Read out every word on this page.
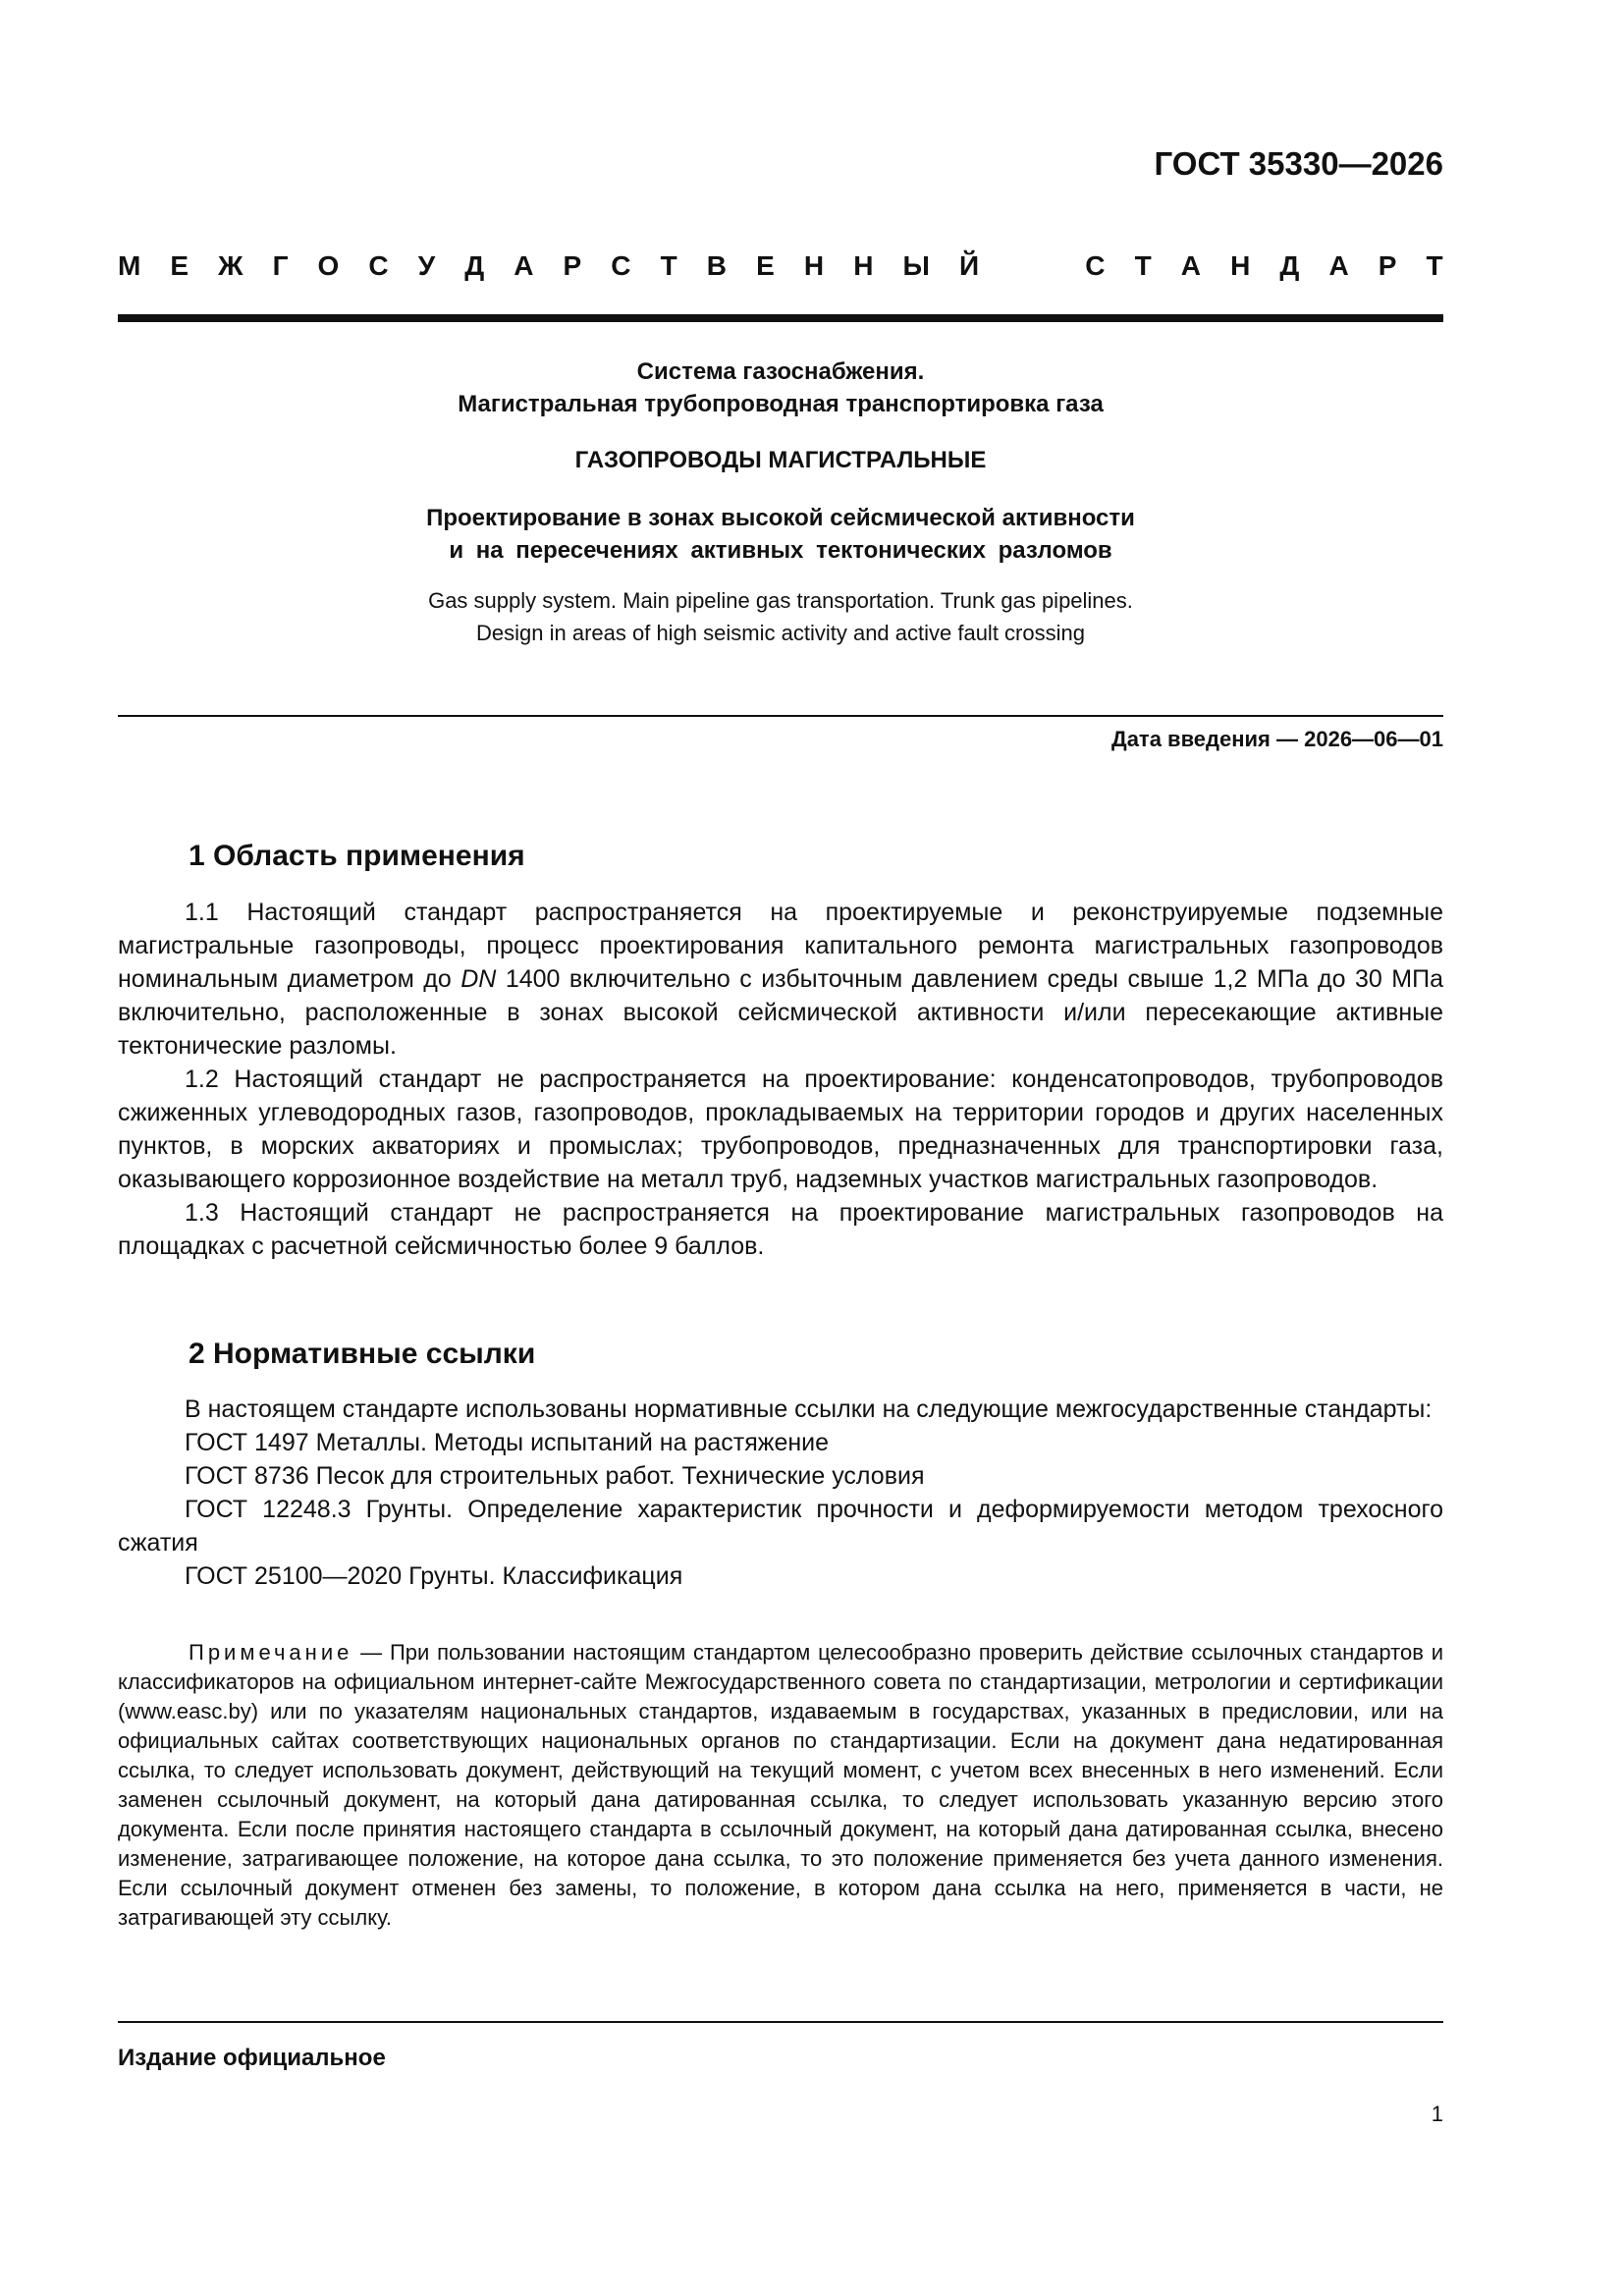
ГОСТ 35330—2026
М Е Ж Г О С У Д А Р С Т В Е Н Н Ы Й	С Т А Н Д А Р Т
Система газоснабжения.
Магистральная трубопроводная транспортировка газа
ГАЗОПРОВОДЫ МАГИСТРАЛЬНЫЕ
Проектирование в зонах высокой сейсмической активности
и на пересечениях активных тектонических разломов
Gas supply system. Main pipeline gas transportation. Trunk gas pipelines.
Design in areas of high seismic activity and active fault crossing
Дата введения — 2026—06—01
1 Область применения

1.1 Настоящий стандарт распространяется на проектируемые и реконструируемые подземные магистральные газопроводы, процесс проектирования капитального ремонта магистральных газопроводов номинальным диаметром до DN 1400 включительно с избыточным давлением среды свыше 1,2 МПа до 30 МПа включительно, расположенные в зонах высокой сейсмической активности и/или пересекающие активные тектонические разломы.

1.2 Настоящий стандарт не распространяется на проектирование: конденсатопроводов, трубопроводов сжиженных углеводородных газов, газопроводов, прокладываемых на территории городов и других населенных пунктов, в морских акваториях и промыслах; трубопроводов, предназначенных для транспортировки газа, оказывающего коррозионное воздействие на металл труб, надземных участков магистральных газопроводов.

1.3 Настоящий стандарт не распространяется на проектирование магистральных газопроводов на площадках с расчетной сейсмичностью более 9 баллов.

2 Нормативные ссылки

В настоящем стандарте использованы нормативные ссылки на следующие межгосударственные стандарты:

ГОСТ 1497 Металлы. Методы испытаний на растяжение

ГОСТ 8736 Песок для строительных работ. Технические условия

ГОСТ 12248.3 Грунты. Определение характеристик прочности и деформируемости методом трехосного сжатия

ГОСТ 25100—2020 Грунты. Классификация

Примечание — При пользовании настоящим стандартом целесообразно проверить действие ссылочных стандартов и классификаторов на официальном интернет-сайте Межгосударственного совета по стандартизации, метрологии и сертификации (www.easc.by) или по указателям национальных стандартов, издаваемым в государствах, указанных в предисловии, или на официальных сайтах соответствующих национальных органов по стандартизации. Если на документ дана недатированная ссылка, то следует использовать документ, действующий на текущий момент, с учетом всех внесенных в него изменений. Если заменен ссылочный документ, на который дана датированная ссылка, то следует использовать указанную версию этого документа. Если после принятия настоящего стандарта в ссылочный документ, на который дана датированная ссылка, внесено изменение, затрагивающее положение, на которое дана ссылка, то это положение применяется без учета данного изменения. Если ссылочный документ отменен без замены, то положение, в котором дана ссылка на него, применяется в части, не затрагивающей эту ссылку.

Издание официальное
1
